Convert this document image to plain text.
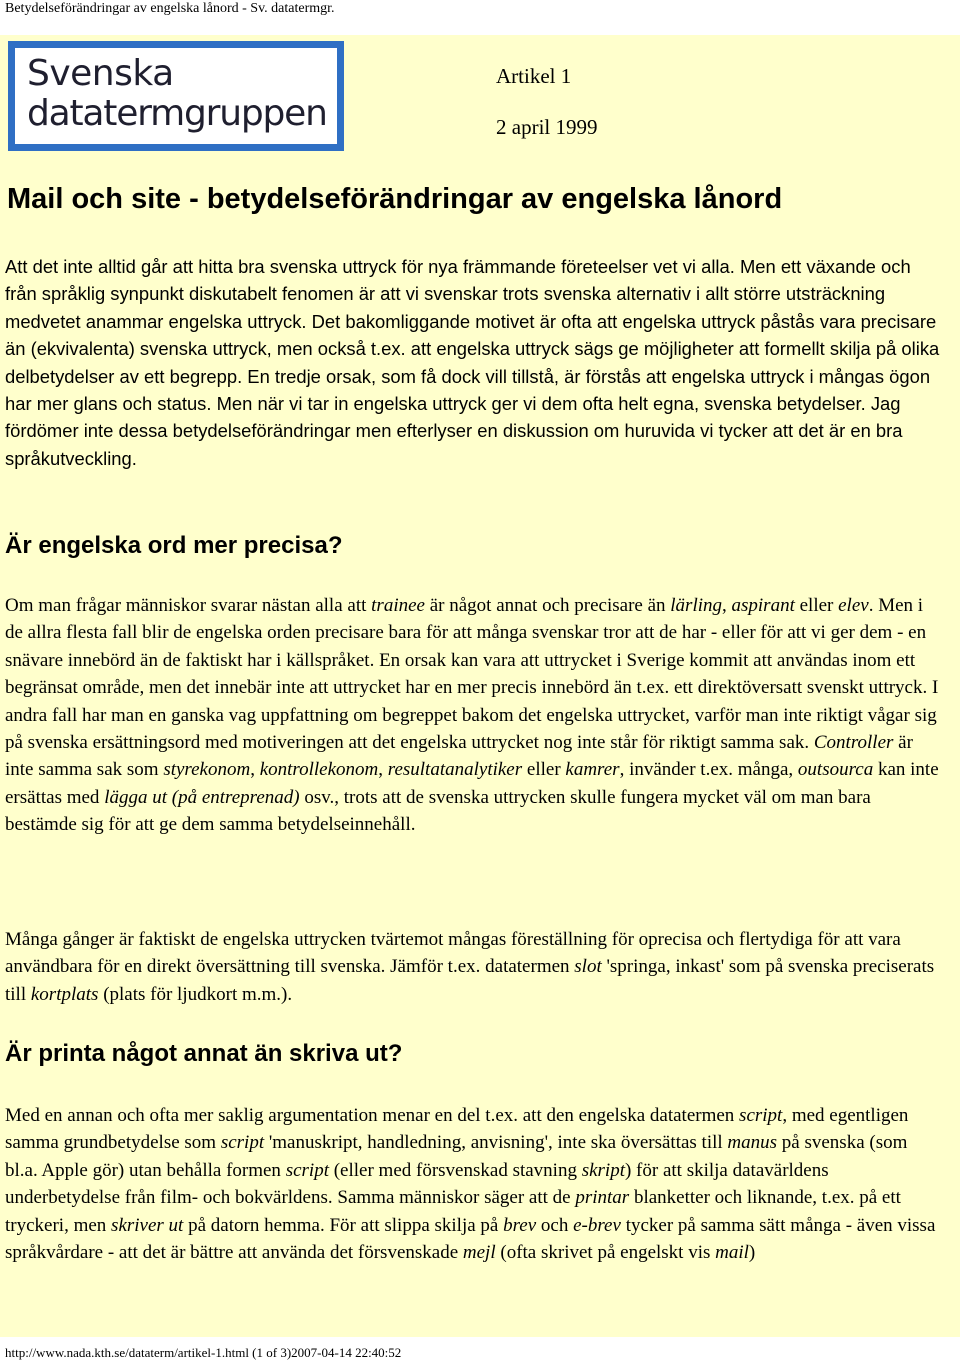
Betydelseförändringar av engelska lånord - Sv. datatermgr.
Svenska
datatermgruppen
Artikel 1
2 april 1999
Mail och site - betydelseförändringar av engelska lånord

Att det inte alltid går att hitta bra svenska uttryck för nya främmande företeelser vet vi alla. Men ett växande och från språklig synpunkt diskutabelt fenomen är att vi svenskar trots svenska alternativ i allt större utsträckning medvetet anammar engelska uttryck. Det bakomliggande motivet är ofta att engelska uttryck påstås vara precisare än (ekvivalenta) svenska uttryck, men också t.ex. att engelska uttryck sägs ge möjligheter att formellt skilja på olika delbetydelser av ett begrepp. En tredje orsak, som få dock vill tillstå, är förstås att engelska uttryck i mångas ögon har mer glans och status. Men när vi tar in engelska uttryck ger vi dem ofta helt egna, svenska betydelser. Jag fördömer inte dessa betydelseförändringar men efterlyser en diskussion om huruvida vi tycker att det är en bra språkutveckling.

Är engelska ord mer precisa?

Om man frågar människor svarar nästan alla att trainee är något annat och precisare än lärling, aspirant eller elev. Men i de allra flesta fall blir de engelska orden precisare bara för att många svenskar tror att de har - eller för att vi ger dem - en snävare innebörd än de faktiskt har i källspråket. En orsak kan vara att uttrycket i Sverige kommit att användas inom ett begränsat område, men det innebär inte att uttrycket har en mer precis innebörd än t.ex. ett direktöversatt svenskt uttryck. I andra fall har man en ganska vag uppfattning om begreppet bakom det engelska uttrycket, varför man inte riktigt vågar sig på svenska ersättningsord med motiveringen att det engelska uttrycket nog inte står för riktigt samma sak. Controller är inte samma sak som styrekonom, kontrollekonom, resultatanalytiker eller kamrer, invänder t.ex. många, outsourca kan inte ersättas med lägga ut (på entreprenad) osv., trots att de svenska uttrycken skulle fungera mycket väl om man bara bestämde sig för att ge dem samma betydelseinnehåll.

Många gånger är faktiskt de engelska uttrycken tvärtemot mångas föreställning för oprecisa och flertydiga för att vara användbara för en direkt översättning till svenska. Jämför t.ex. datatermen slot 'springa, inkast' som på svenska preciserats till kortplats (plats för ljudkort m.m.).

Är printa något annat än skriva ut?

Med en annan och ofta mer saklig argumentation menar en del t.ex. att den engelska datatermen script, med egentligen samma grundbetydelse som script 'manuskript, handledning, anvisning', inte ska översättas till manus på svenska (som bl.a. Apple gör) utan behålla formen script (eller med försvenskad stavning skript) för att skilja datavärldens underbetydelse från film- och bokvärldens. Samma människor säger att de printar blanketter och liknande, t.ex. på ett tryckeri, men skriver ut på datorn hemma. För att slippa skilja på brev och e-brev tycker på samma sätt många - även vissa språkvårdare - att det är bättre att använda det försvenskade mejl (ofta skrivet på engelskt vis mail)

http://www.nada.kth.se/dataterm/artikel-1.html (1 of 3)2007-04-14 22:40:52
